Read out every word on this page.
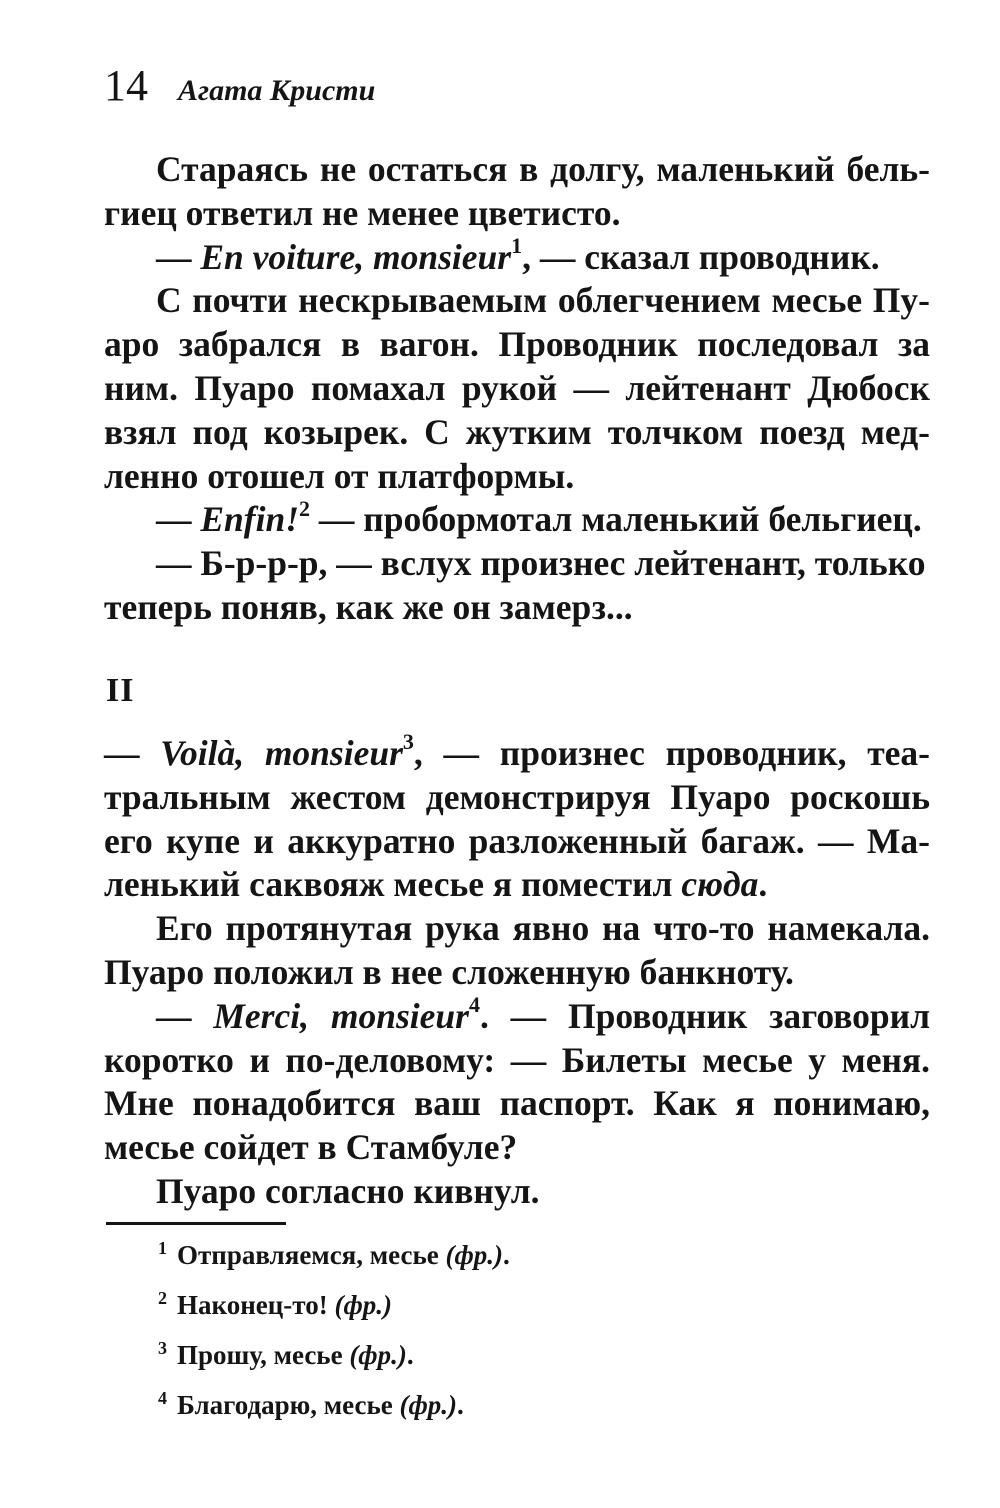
14 Агата Кристи

Стараясь не остаться в долгу, маленький бельгиец ответил не менее цветисто.

— En voiture, monsieur$^1$, — сказал проводник.

С почти нескрываемым облегчением месье Пуаро забрался в вагон. Проводник последовал за ним. Пуаро помахал рукой — лейтенант Дюбоск взял под козырек. С жутким толчком поезд медленно отошел от платформы.

— Enfin!$^2$ — пробормотал маленький бельгиец.

— Б-р-р-р, — вслух произнес лейтенант, только теперь поняв, как же он замерз...

II

— Voilà, monsieur$^3$, — произнес проводник, театральным жестом демонстрируя Пуаро роскошь его купе и аккуратно разложенный багаж. — Маленький саквояж месье я поместил сюда.

Его протянутая рука явно на что-то намекала. Пуаро положил в нее сложенную банкноту.

— Merci, monsieur$^4$. — Проводник заговорил коротко и по-деловому: — Билеты месье у меня. Мне понадобится ваш паспорт. Как я понимаю, месье сойдет в Стамбуле?

Пуаро согласно кивнул.

$^1$ Отправляемся, месье (фр.).
$^2$ Наконец-то! (фр.)
$^3$ Прошу, месье (фр.).
$^4$ Благодарю, месье (фр.).
